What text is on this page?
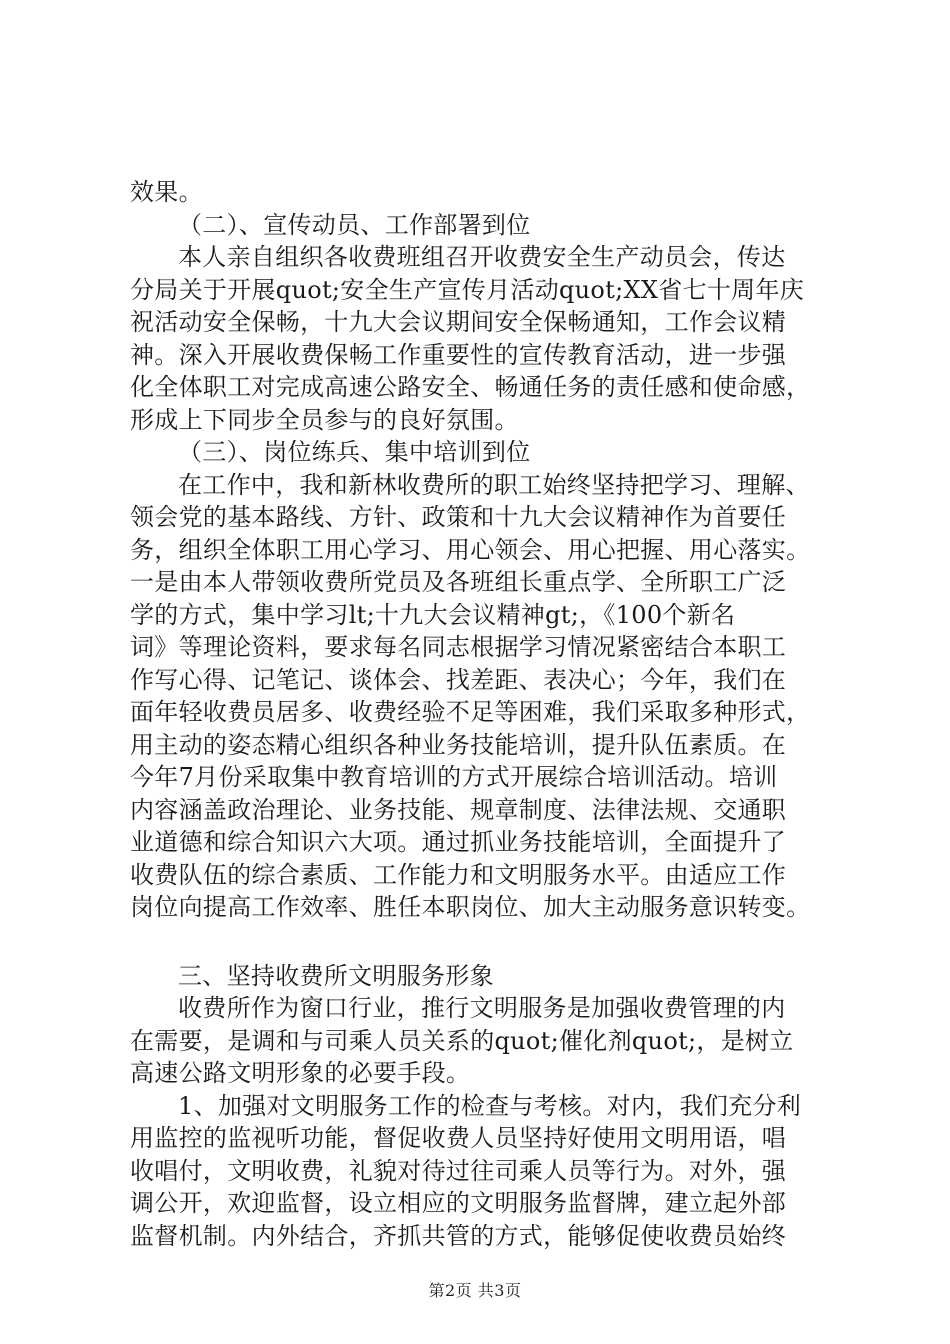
效果。
（二）、宣传动员、工作部署到位
本人亲自组织各收费班组召开收费安全生产动员会，传达
分局关于开展quot;安全生产宣传月活动quot;XX省七十周年庆
祝活动安全保畅，十九大会议期间安全保畅通知，工作会议精
神。深入开展收费保畅工作重要性的宣传教育活动，进一步强
化全体职工对完成高速公路安全、畅通任务的责任感和使命感，
形成上下同步全员参与的良好氛围。
（三）、岗位练兵、集中培训到位
在工作中，我和新林收费所的职工始终坚持把学习、理解、
领会党的基本路线、方针、政策和十九大会议精神作为首要任
务，组织全体职工用心学习、用心领会、用心把握、用心落实。
一是由本人带领收费所党员及各班组长重点学、全所职工广泛
学的方式，集中学习lt;十九大会议精神gt;，《100个新名
词》等理论资料，要求每名同志根据学习情况紧密结合本职工
作写心得、记笔记、谈体会、找差距、表决心；今年，我们在
面年轻收费员居多、收费经验不足等困难，我们采取多种形式，
用主动的姿态精心组织各种业务技能培训，提升队伍素质。在
今年7月份采取集中教育培训的方式开展综合培训活动。培训
内容涵盖政治理论、业务技能、规章制度、法律法规、交通职
业道德和综合知识六大项。通过抓业务技能培训，全面提升了
收费队伍的综合素质、工作能力和文明服务水平。由适应工作
岗位向提高工作效率、胜任本职岗位、加大主动服务意识转变。
三、坚持收费所文明服务形象
收费所作为窗口行业，推行文明服务是加强收费管理的内
在需要，是调和与司乘人员关系的quot;催化剂quot;，是树立
高速公路文明形象的必要手段。
1、加强对文明服务工作的检查与考核。对内，我们充分利
用监控的监视听功能，督促收费人员坚持好使用文明用语，唱
收唱付，文明收费，礼貌对待过往司乘人员等行为。对外，强
调公开，欢迎监督，设立相应的文明服务监督牌，建立起外部
监督机制。内外结合，齐抓共管的方式，能够促使收费员始终
第2页 共3页
